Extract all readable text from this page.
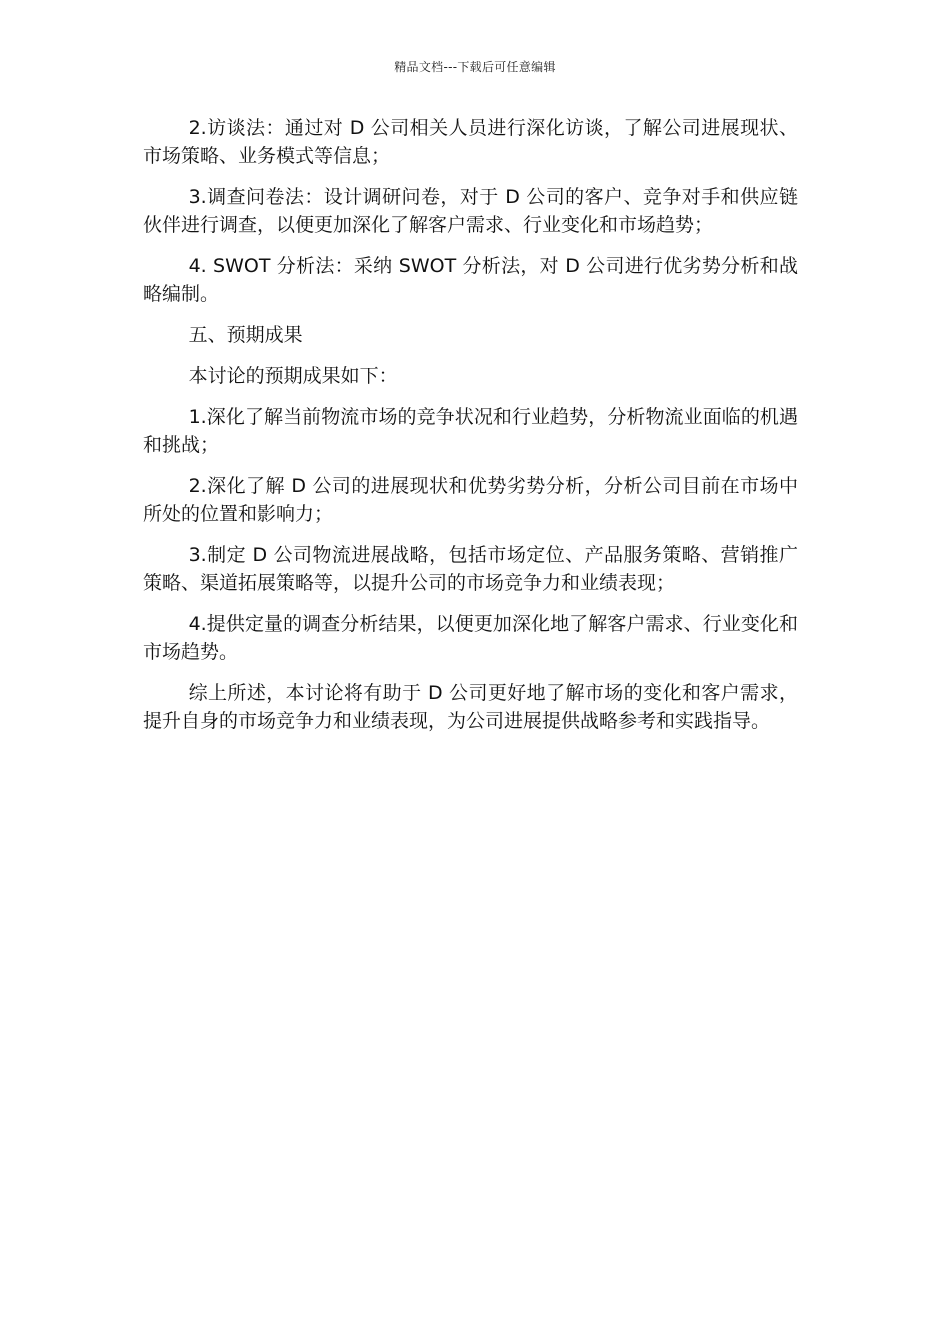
精品文档---下载后可任意编辑

2.访谈法：通过对 D 公司相关人员进行深化访谈，了解公司进展现状、市场策略、业务模式等信息；

3.调查问卷法：设计调研问卷，对于 D 公司的客户、竞争对手和供应链伙伴进行调查，以便更加深化了解客户需求、行业变化和市场趋势；

4. SWOT 分析法：采纳 SWOT 分析法，对 D 公司进行优劣势分析和战略编制。

五、预期成果

本讨论的预期成果如下：

1.深化了解当前物流市场的竞争状况和行业趋势，分析物流业面临的机遇和挑战；

2.深化了解 D 公司的进展现状和优势劣势分析，分析公司目前在市场中所处的位置和影响力；

3.制定 D 公司物流进展战略，包括市场定位、产品服务策略、营销推广策略、渠道拓展策略等，以提升公司的市场竞争力和业绩表现；

4.提供定量的调查分析结果，以便更加深化地了解客户需求、行业变化和市场趋势。

综上所述，本讨论将有助于 D 公司更好地了解市场的变化和客户需求，提升自身的市场竞争力和业绩表现，为公司进展提供战略参考和实践指导。
